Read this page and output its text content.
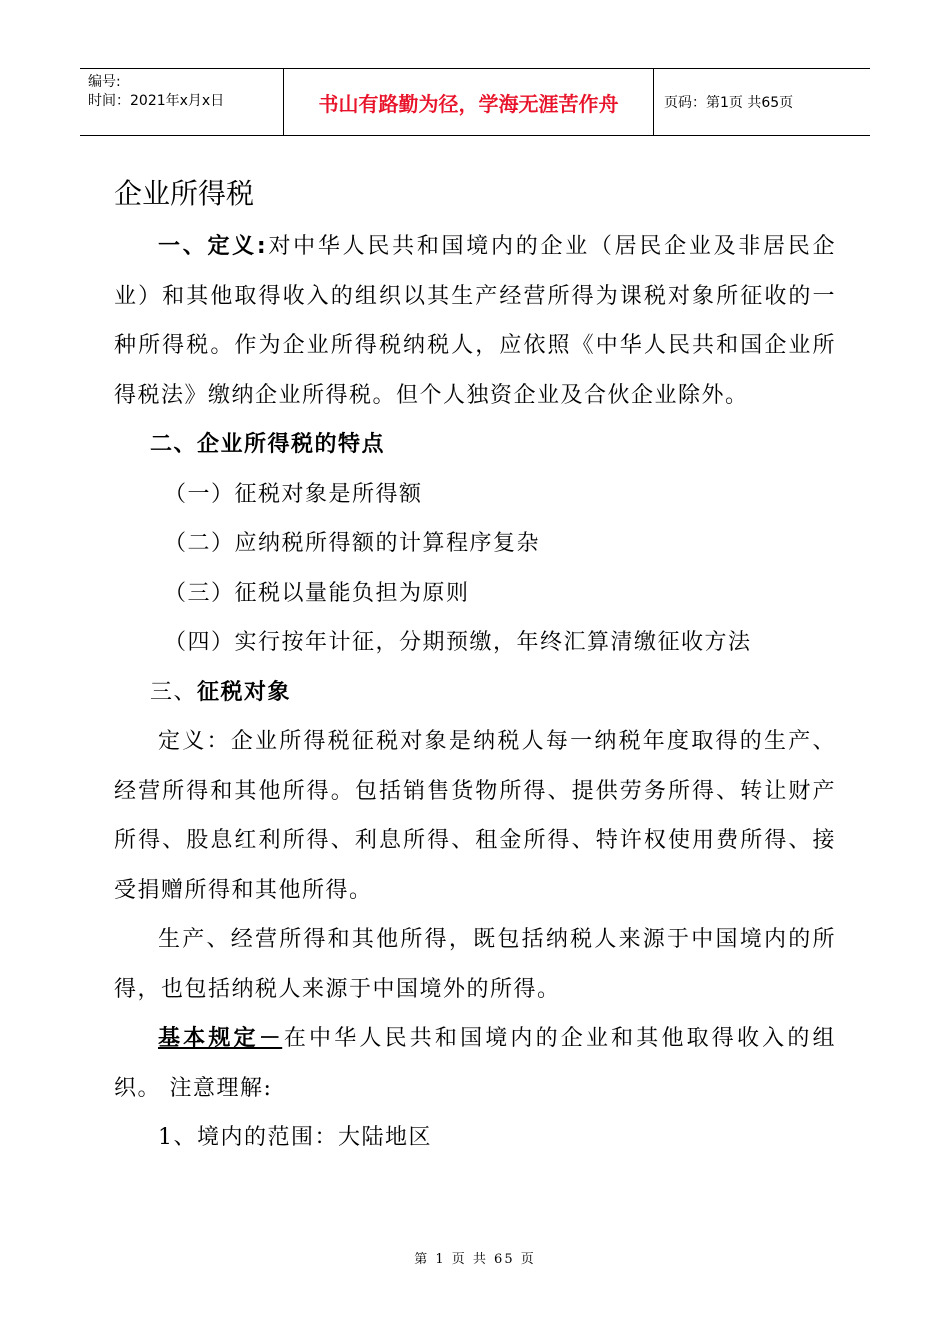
编号:
时间：2021年x月x日	书山有路勤为径，学海无涯苦作舟	页码：第1页 共65页
企业所得税

一、定义:对中华人民共和国境内的企业（居民企业及非居民企业）和其他取得收入的组织以其生产经营所得为课税对象所征收的一种所得税。作为企业所得税纳税人，应依照《中华人民共和国企业所得税法》缴纳企业所得税。但个人独资企业及合伙企业除外。

二、企业所得税的特点

（一）征税对象是所得额

（二）应纳税所得额的计算程序复杂

（三）征税以量能负担为原则

（四）实行按年计征，分期预缴，年终汇算清缴征收方法

三、征税对象

定义：企业所得税征税对象是纳税人每一纳税年度取得的生产、经营所得和其他所得。包括销售货物所得、提供劳务所得、转让财产所得、股息红利所得、利息所得、租金所得、特许权使用费所得、接受捐赠所得和其他所得。

生产、经营所得和其他所得，既包括纳税人来源于中国境内的所得，也包括纳税人来源于中国境外的所得。

基本规定－在中华人民共和国境内的企业和其他取得收入的组织。 注意理解:

1、境内的范围：大陆地区

第 1 页 共 65 页
